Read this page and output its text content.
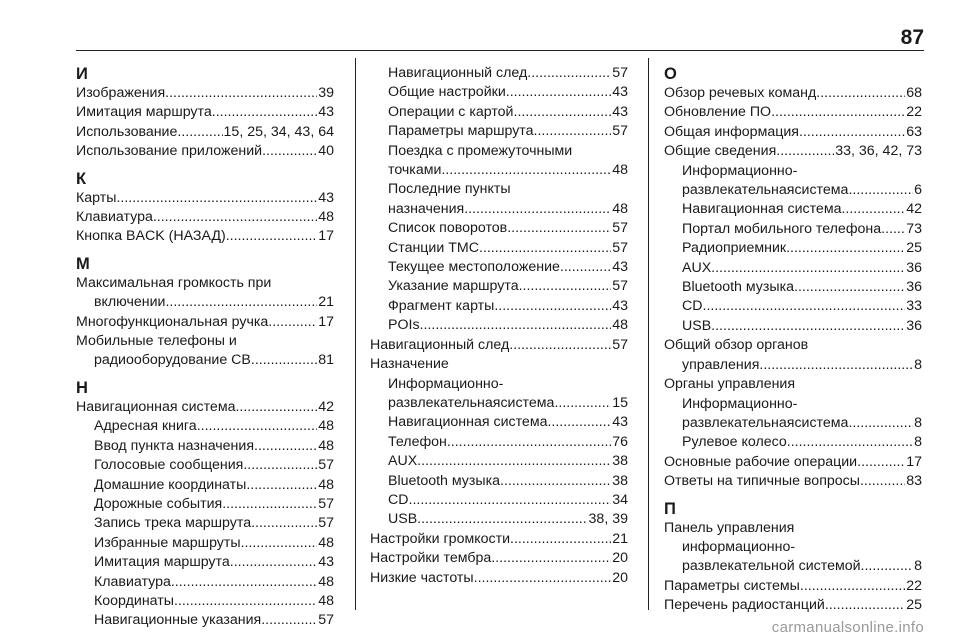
87
И
Изображения .....	39
Имитация маршрута .....	43
Использование .....	15, 25, 34, 43, 64
Использование приложений .....	40
К
Карты .....	43
Клавиатура .....	48
Кнопка BACK (НАЗАД) .....	17
М
Максимальная громкость при
включении .....	21
Многофункциональная ручка .....	17
Мобильные телефоны и
радиооборудование СВ .....	81
Н
Навигационная система .....	42
Адресная книга .....	48
Ввод пункта назначения .....	48
Голосовые сообщения .....	57
Домашние координаты .....	48
Дорожные события .....	57
Запись трека маршрута .....	57
Избранные маршруты .....	48
Имитация маршрута .....	43
Клавиатура .....	48
Координаты .....	48
Навигационные указания .....	57
Навигационный след .....	57
Общие настройки .....	43
Операции с картой .....	43
Параметры маршрута .....	57
Поездка с промежуточными
точками .....	48
Последние пункты
назначения .....	48
Список поворотов .....	57
Станции TMC .....	57
Текущее местоположение .....	43
Указание маршрута .....	57
Фрагмент карты .....	43
POIs .....	48
Навигационный след .....	57
Назначение
Информационно-
развлекательнаясистема .....	15
Навигационная система .....	43
Телефон .....	76
AUX .....	38
Bluetooth музыка .....	38
CD .....	34
USB .....	38, 39
Настройки громкости .....	21
Настройки тембра .....	20
Низкие частоты .....	20
О
Обзор речевых команд .....	68
Обновление ПО .....	22
Общая информация .....	63
Общие сведения .....	33, 36, 42, 73
Информационно-
развлекательнаясистема .....	6
Навигационная система .....	42
Портал мобильного телефона ..... 73
Радиоприемник .....	25
AUX .....	36
Bluetooth музыка .....	36
CD .....	33
USB .....	36
Общий обзор органов
управления .....	8
Органы управления
Информационно-
развлекательнаясистема .....	8
Рулевое колесо .....	8
Основные рабочие операции .....	17
Ответы на типичные вопросы .....	83
П
Панель управления
информационно-
развлекательной системой .....	8
Параметры системы .....	22
Перечень радиостанций .....	25
carmanualsonline.info
